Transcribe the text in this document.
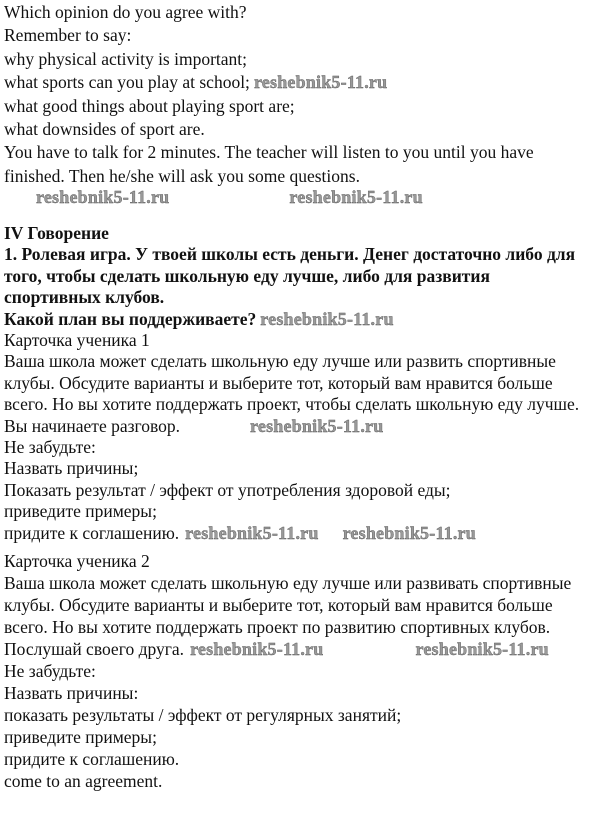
Which opinion do you agree with?
Remember to say:
why physical activity is important;
what sports can you play at school; reshebnik5-11.ru
what good things about playing sport are;
what downsides of sport are.
You have to talk for 2 minutes. The teacher will listen to you until you have
finished. Then he/she will ask you some questions.
reshebnik5-11.ru	reshebnik5-11.ru
IV Говорение
1. Ролевая игра. У твоей школы есть деньги. Денег достаточно либо для
того, чтобы сделать школьную еду лучше, либо для развития
спортивных клубов.
Какой план вы поддерживаете? reshebnik5-11.ru
Карточка ученика 1
Ваша школа может сделать школьную еду лучше или развить спортивные
клубы. Обсудите варианты и выберите тот, который вам нравится больше
всего. Но вы хотите поддержать проект, чтобы сделать школьную еду лучше.
Вы начинаете разговор.	reshebnik5-11.ru
Не забудьте:
Назвать причины;
Показать результат / эффект от употребления здоровой еды;
приведите примеры;
придите к соглашению. reshebnik5-11.ru reshebnik5-11.ru
Карточка ученика 2
Ваша школа может сделать школьную еду лучше или развивать спортивные
клубы. Обсудите варианты и выберите тот, который вам нравится больше
всего. Но вы хотите поддержать проект по развитию спортивных клубов.
Послушай своего друга. reshebnik5-11.ru	reshebnik5-11.ru
Не забудьте:
Назвать причины:
показать результаты / эффект от регулярных занятий;
приведите примеры;
придите к соглашению.
come to an agreement.
